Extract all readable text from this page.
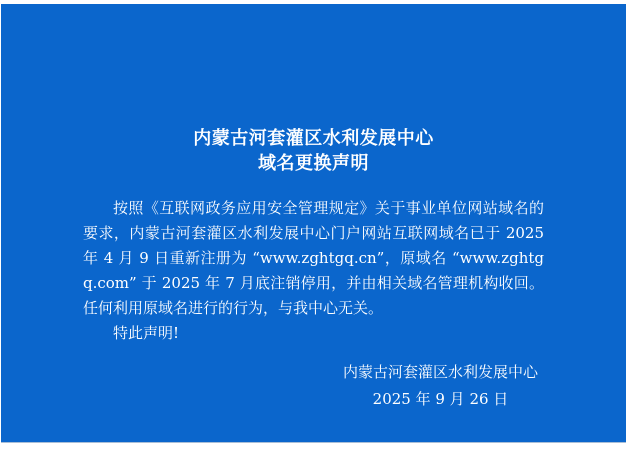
内蒙古河套灌区水利发展中心
域名更换声明

按照《互联网政务应用安全管理规定》关于事业单位网站域名的要求，内蒙古河套灌区水利发展中心门户网站互联网域名已于 2025 年 4 月 9 日重新注册为 “www.zghtgq.cn”，原域名 “www.zghtgq.com” 于 2025 年 7 月底注销停用，并由相关域名管理机构收回。任何利用原域名进行的行为，与我中心无关。

特此声明!

内蒙古河套灌区水利发展中心
2025 年 9 月 26 日
